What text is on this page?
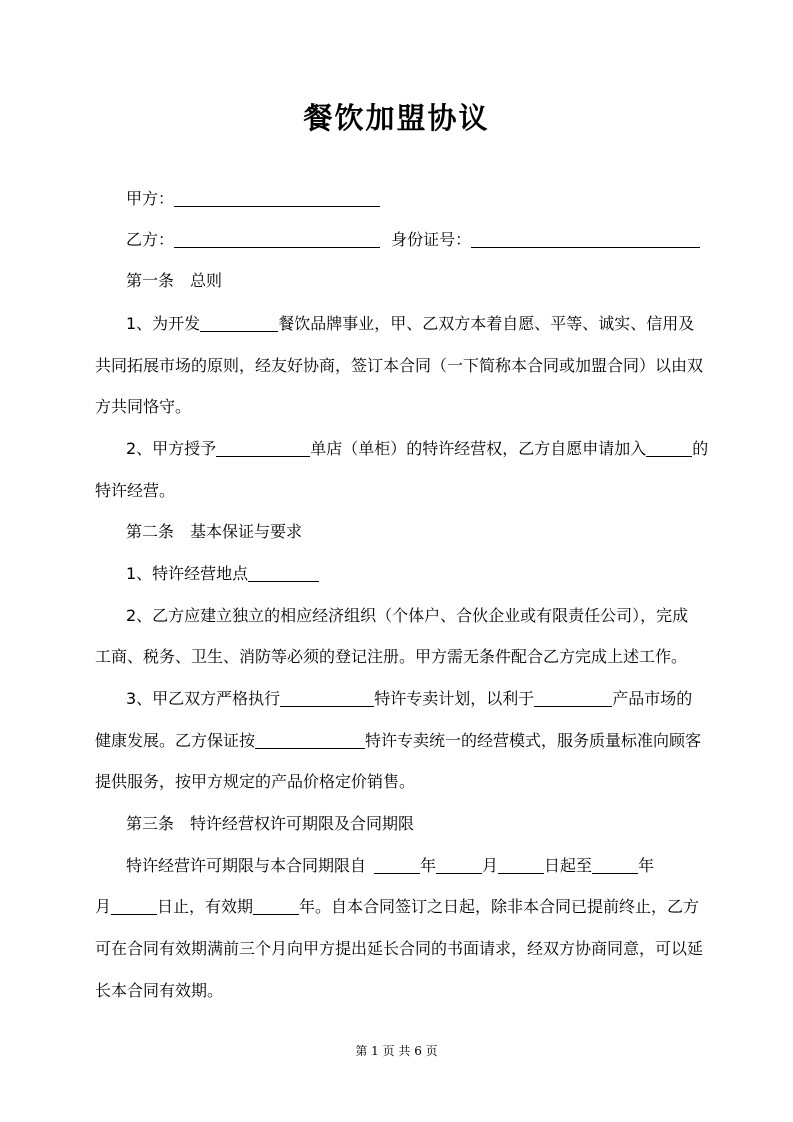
餐饮加盟协议
甲方：
乙方：	身份证号：
第一条　总则
1、为开发	餐饮品牌事业，甲、乙双方本着自愿、平等、诚实、信用及
共同拓展市场的原则，经友好协商，签订本合同（一下简称本合同或加盟合同）以由双
方共同恪守。
2、甲方授予	单店（单柜）的特许经营权，乙方自愿申请加入	的
特许经营。
第二条　基本保证与要求
1、特许经营地点
2、乙方应建立独立的相应经济组织（个体户、合伙企业或有限责任公司），完成
工商、税务、卫生、消防等必须的登记注册。甲方需无条件配合乙方完成上述工作。
3、甲乙双方严格执行	特许专卖计划，以利于	产品市场的
健康发展。乙方保证按	特许专卖统一的经营模式，服务质量标准向顾客
提供服务，按甲方规定的产品价格定价销售。
第三条　特许经营权许可期限及合同期限
特许经营许可期限与本合同期限自	年	月	日起至	年
月	日止，有效期	年。自本合同签订之日起，除非本合同已提前终止，乙方
可在合同有效期满前三个月向甲方提出延长合同的书面请求，经双方协商同意，可以延
长本合同有效期。
第 1 页 共 6 页
